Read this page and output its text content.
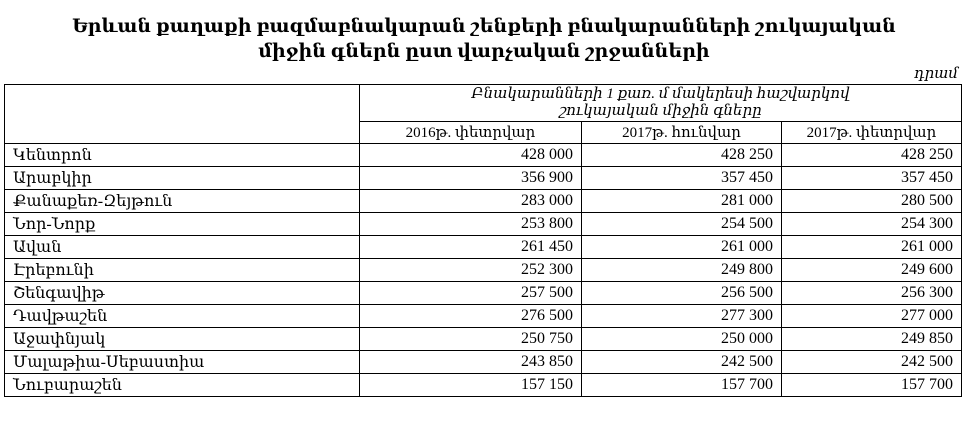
Երևան քաղաքի բազմաբնակարան շենքերի բնակարանների շուկայական
միջին գներն ըստ վարչական շրջանների
դրամ

	Բնակարանների 1 քառ. մ մակերեսի հաշվարկով
շուկայական միջին գները		

	2016թ. փետրվար	2017թ. հունվար	2017թ. փետրվար
Կենտրոն	428 000	428 250	428 250
Արաբկիր	356 900	357 450	357 450
Քանաքեռ-Զեյթուն	283 000	281 000	280 500
Նոր-Նորք	253 800	254 500	254 300
Ավան	261 450	261 000	261 000
Էրեբունի	252 300	249 800	249 600
Շենգավիթ	257 500	256 500	256 300
Դավթաշեն	276 500	277 300	277 000
Աջափնյակ	250 750	250 000	249 850
Մալաթիա-Սեբաստիա	243 850	242 500	242 500
Նուբարաշեն	157 150	157 700	157 700
